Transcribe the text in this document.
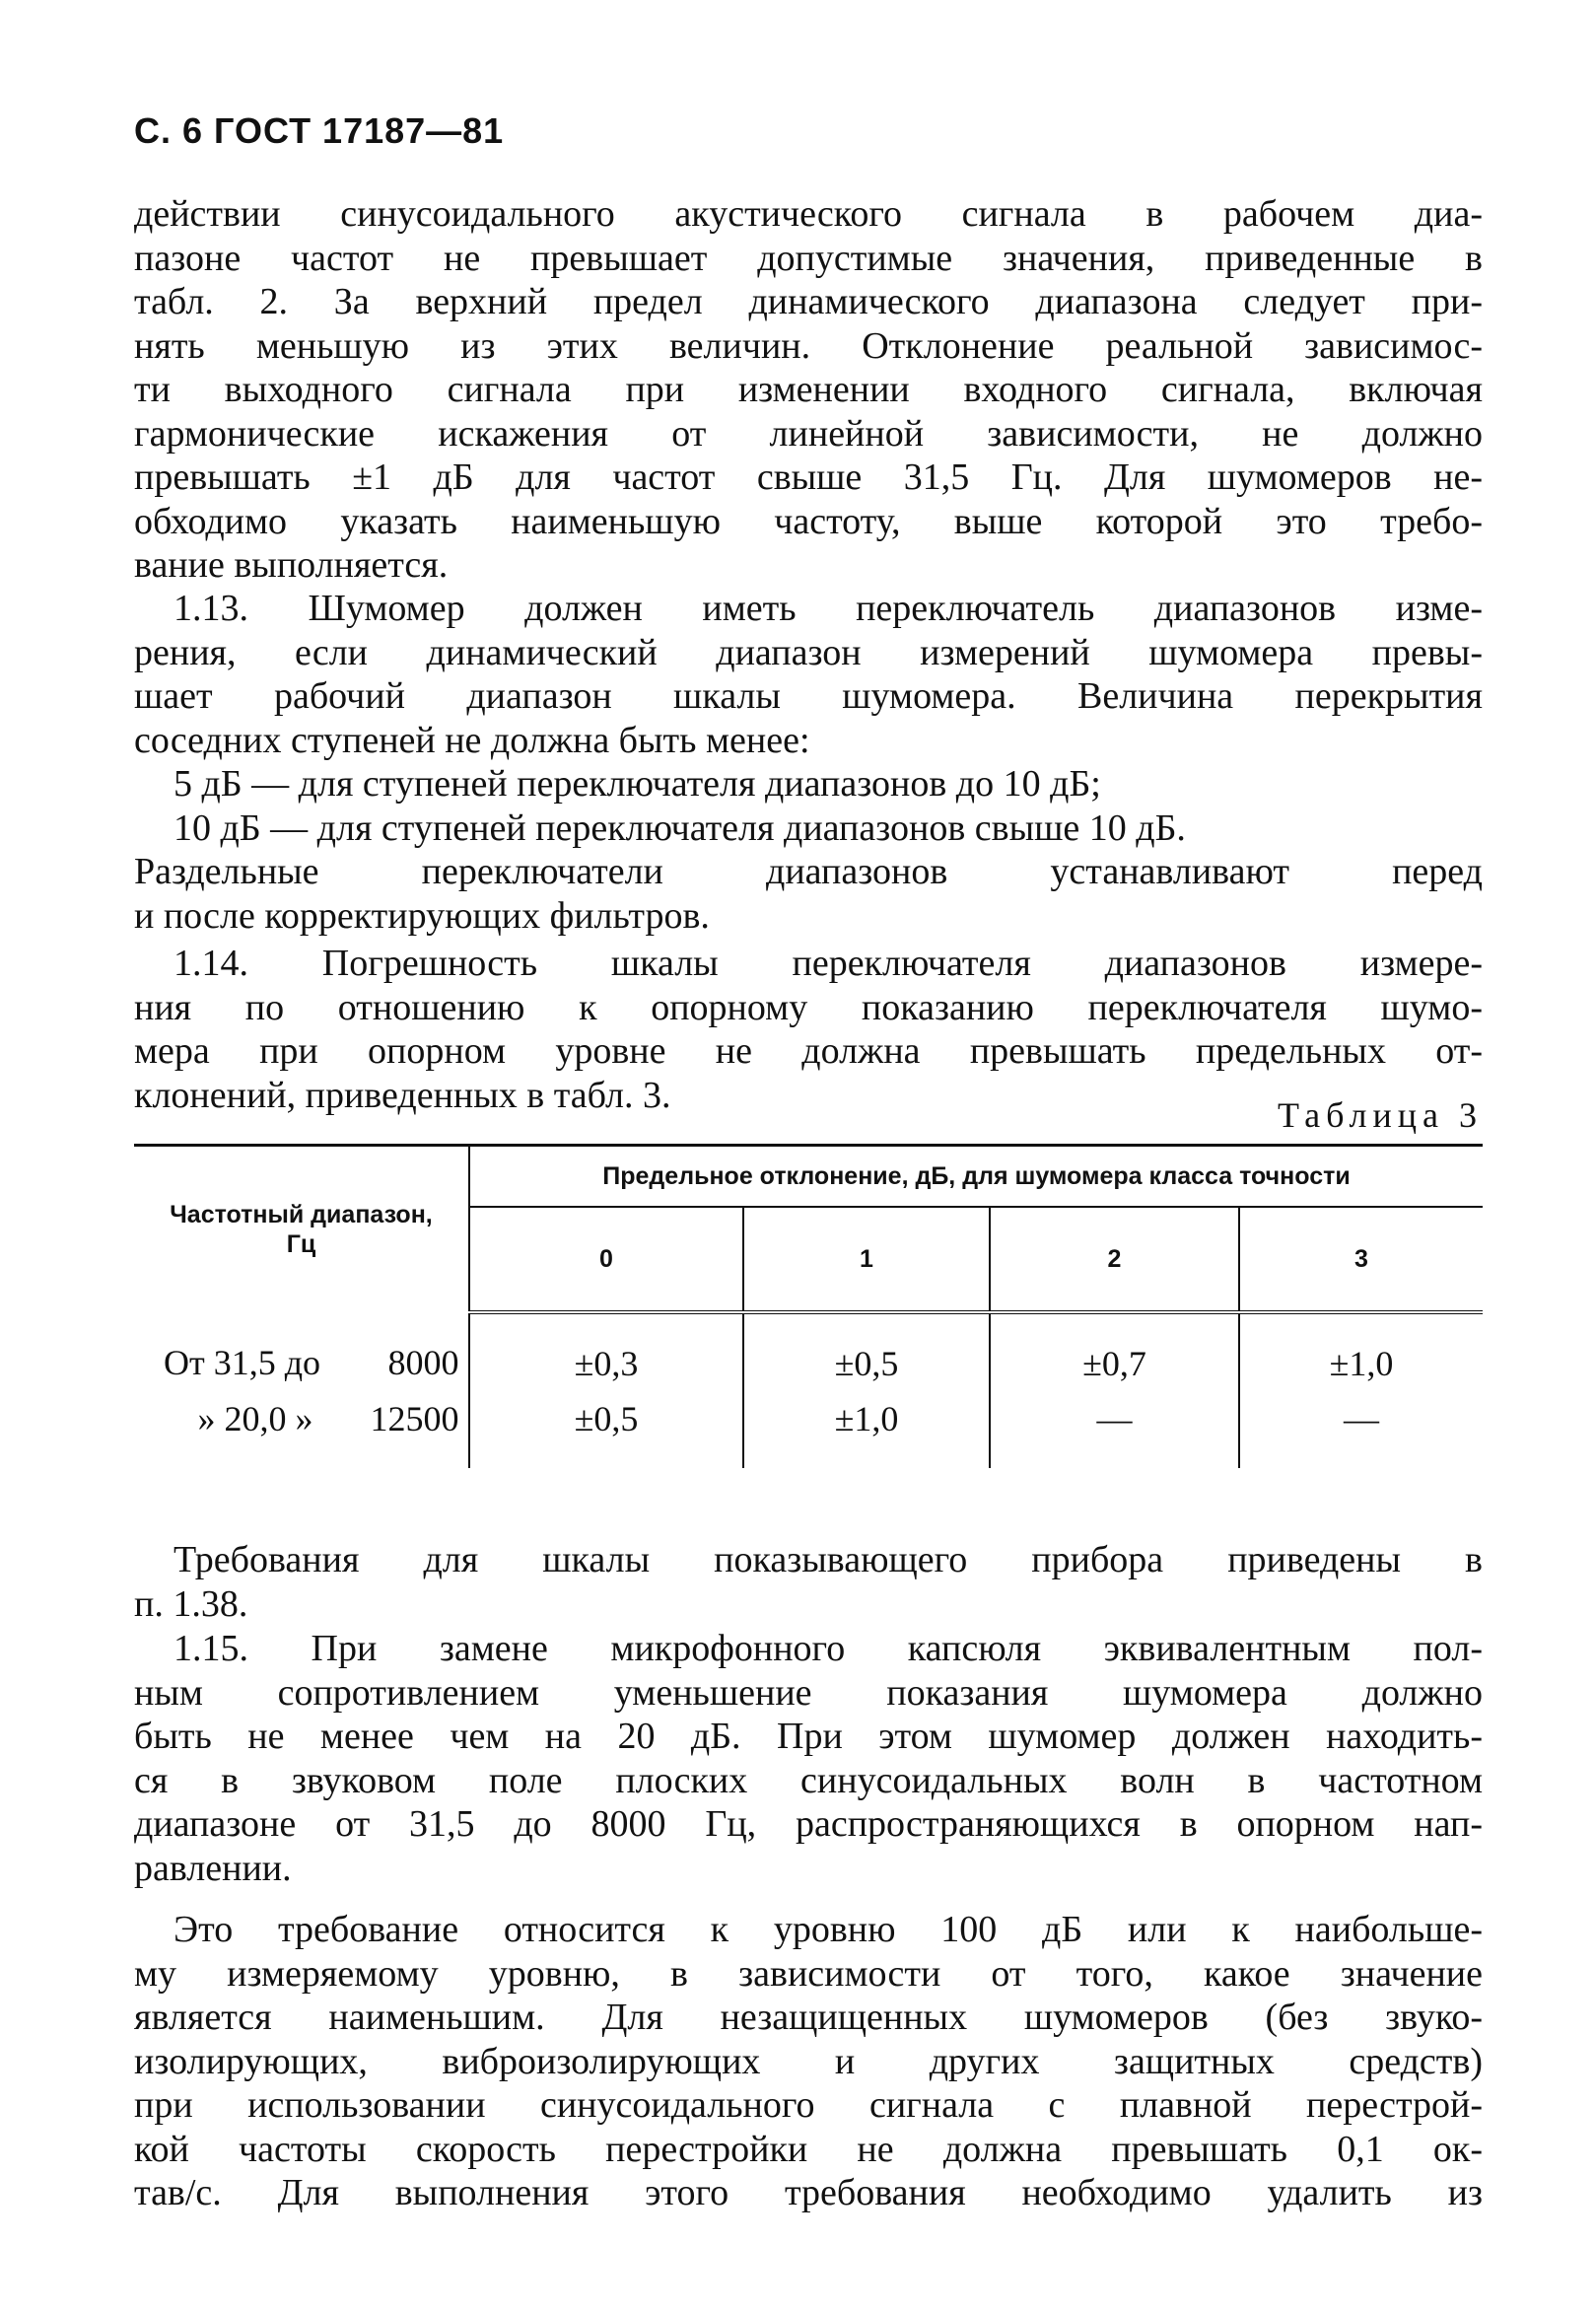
С. 6 ГОСТ 17187—81
действии синусоидального акустического сигнала в рабочем диа-
пазоне частот не превышает допустимые значения, приведенные в
табл. 2. За верхний предел динамического диапазона следует при-
нять меньшую из этих величин. Отклонение реальной зависимос-
ти выходного сигнала при изменении входного сигнала, включая
гармонические искажения от линейной зависимости, не должно
превышать ±1 дБ для частот свыше 31,5 Гц. Для шумомеров не-
обходимо указать наименьшую частоту, выше которой это требо-
вание выполняется.
1.13. Шумомер должен иметь переключатель диапазонов изме-
рения, если динамический диапазон измерений шумомера превы-
шает рабочий диапазон шкалы шумомера. Величина перекрытия
соседних ступеней не должна быть менее:
5 дБ — для ступеней переключателя диапазонов до 10 дБ;
10 дБ — для ступеней переключателя диапазонов свыше 10 дБ.
Раздельные переключатели диапазонов устанавливают перед
и после корректирующих фильтров.
1.14. Погрешность шкалы переключателя диапазонов измере-
ния по отношению к опорному показанию переключателя шумо-
мера при опорном уровне не должна превышать предельных от-
клонений, приведенных в табл. 3.	Таблица 3
Частотный диапазон,
Гц	Предельное отклонение, дБ, для шумомера класса точности			
	0	1	2	3
От 31,5 до 8000	±0,3	±0,5	±0,7	±1,0
» 20,0 » 12500	±0,5	±1,0	—	—
Требования для шкалы показывающего прибора приведены в
п. 1.38.
1.15. При замене микрофонного капсюля эквивалентным пол-
ным сопротивлением уменьшение показания шумомера должно
быть не менее чем на 20 дБ. При этом шумомер должен находить-
ся в звуковом поле плоских синусоидальных волн в частотном
диапазоне от 31,5 до 8000 Гц, распространяющихся в опорном нап-
равлении.
Это требование относится к уровню 100 дБ или к наибольше-
му измеряемому уровню, в зависимости от того, какое значение
является наименьшим. Для незащищенных шумомеров (без звуко-
изолирующих, виброизолирующих и других защитных средств)
при использовании синусоидального сигнала с плавной перестрой-
кой частоты скорость перестройки не должна превышать 0,1 ок-
тав/с. Для выполнения этого требования необходимо удалить из
